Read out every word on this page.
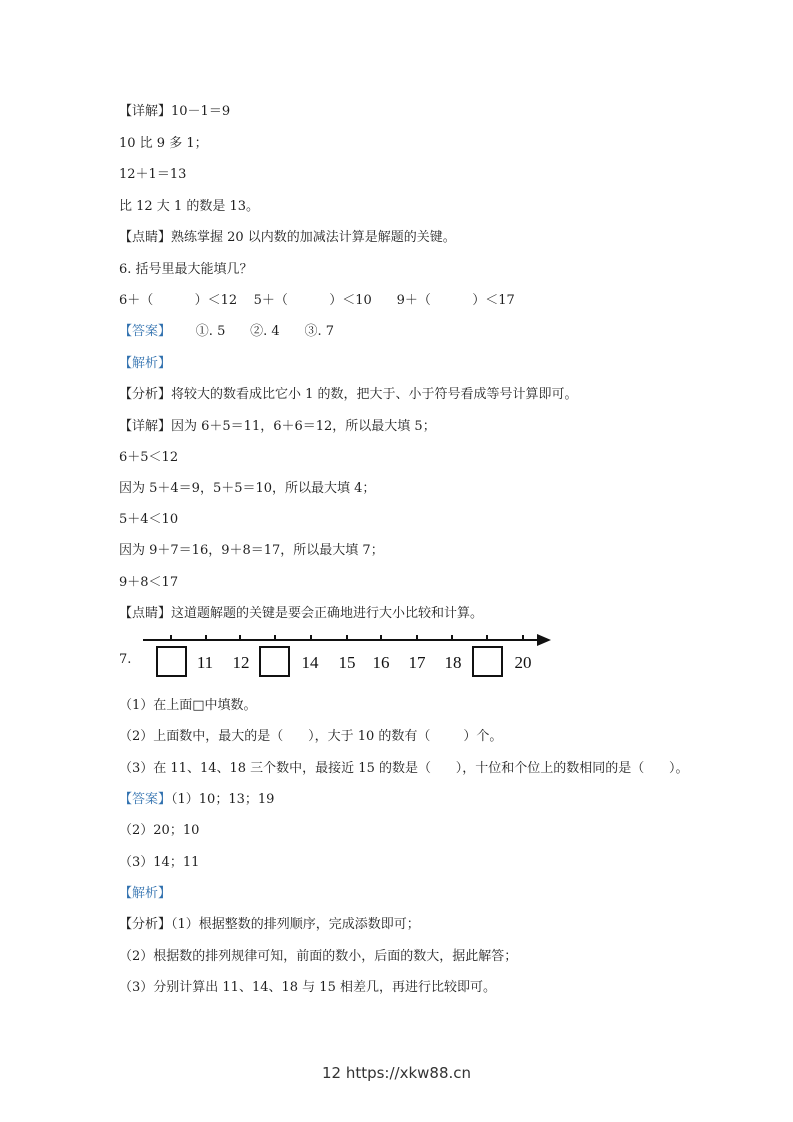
【详解】10－1＝9
10 比 9 多 1；
12＋1＝13
比 12 大 1 的数是 13。
【点睛】熟练掌握 20 以内数的加减法计算是解题的关键。
6. 括号里最大能填几？
6＋（          ）＜12    5＋（          ）＜10      9＋（          ）＜17
【答案】      ①. 5      ②. 4      ③. 7
【解析】
【分析】将较大的数看成比它小 1 的数，把大于、小于符号看成等号计算即可。
【详解】因为 6＋5＝11，6＋6＝12，所以最大填 5；
6＋5＜12
因为 5＋4＝9，5＋5＝10，所以最大填 4；
5＋4＜10
因为 9＋7＝16，9＋8＝17，所以最大填 7；
9＋8＜17
【点睛】这道题解题的关键是要会正确地进行大小比较和计算。
7.	11 12	14 15 16 17 18	20
（1）在上面□中填数。
（2）上面数中，最大的是（      ），大于 10 的数有（        ）个。
（3）在 11、14、18 三个数中，最接近 15 的数是（      ），十位和个位上的数相同的是（      ）。
【答案】（1）10；13；19
（2）20；10
（3）14；11
【解析】
【分析】（1）根据整数的排列顺序，完成添数即可；
（2）根据数的排列规律可知，前面的数小，后面的数大，据此解答；
（3）分别计算出 11、14、18 与 15 相差几，再进行比较即可。
12 https://xkw88.cn
